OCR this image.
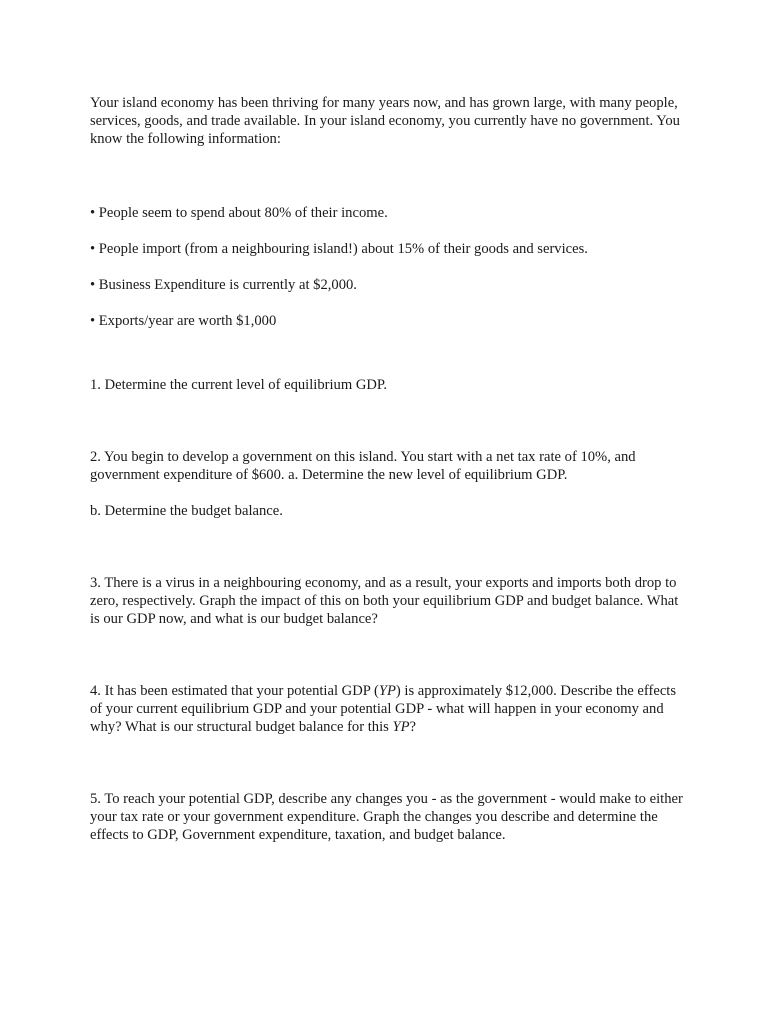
Your island economy has been thriving for many years now, and has grown large, with many people, services, goods, and trade available. In your island economy, you currently have no government. You know the following information:

• People seem to spend about 80% of their income.

• People import (from a neighbouring island!) about 15% of their goods and services.

• Business Expenditure is currently at $2,000.

• Exports/year are worth $1,000

1. Determine the current level of equilibrium GDP.

2. You begin to develop a government on this island. You start with a net tax rate of 10%, and government expenditure of $600. a. Determine the new level of equilibrium GDP.

b. Determine the budget balance.

3. There is a virus in a neighbouring economy, and as a result, your exports and imports both drop to zero, respectively. Graph the impact of this on both your equilibrium GDP and budget balance. What is our GDP now, and what is our budget balance?

4. It has been estimated that your potential GDP (YP) is approximately $12,000. Describe the effects of your current equilibrium GDP and your potential GDP - what will happen in your economy and why? What is our structural budget balance for this YP?

5. To reach your potential GDP, describe any changes you - as the government - would make to either your tax rate or your government expenditure. Graph the changes you describe and determine the effects to GDP, Government expenditure, taxation, and budget balance.
